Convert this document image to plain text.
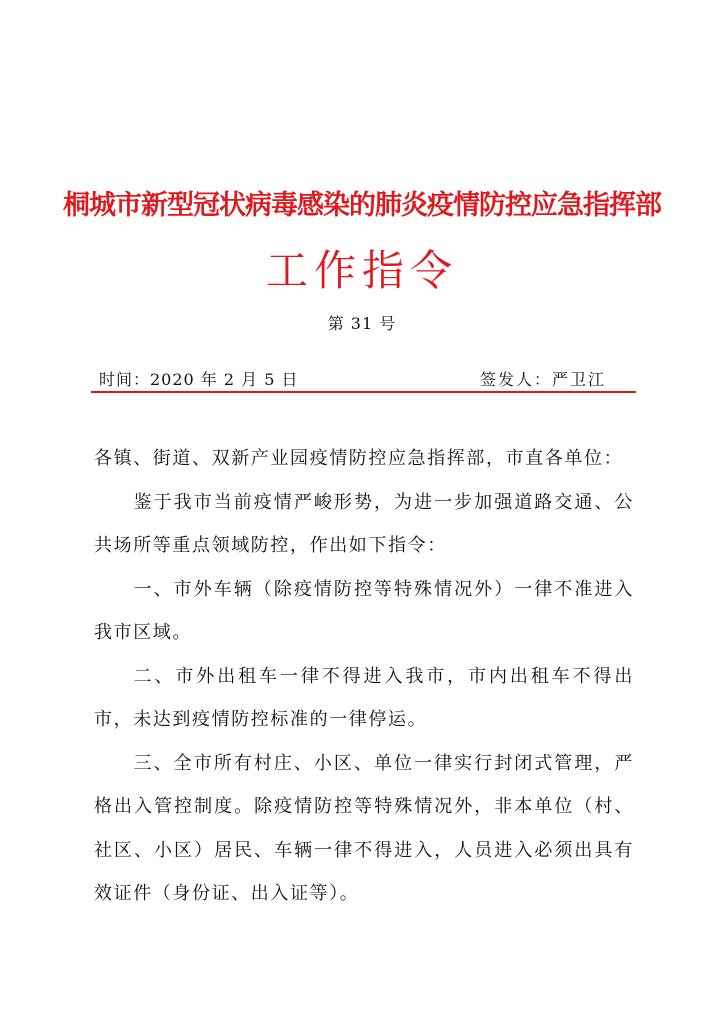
桐城市新型冠状病毒感染的肺炎疫情防控应急指挥部
工作指令
第 31 号
时间：2020 年 2 月 5 日	签发人：严卫江

各镇、街道、双新产业园疫情防控应急指挥部，市直各单位：

鉴于我市当前疫情严峻形势，为进一步加强道路交通、公共场所等重点领域防控，作出如下指令：

一、市外车辆（除疫情防控等特殊情况外）一律不准进入我市区域。

二、市外出租车一律不得进入我市，市内出租车不得出市，未达到疫情防控标准的一律停运。

三、全市所有村庄、小区、单位一律实行封闭式管理，严格出入管控制度。除疫情防控等特殊情况外，非本单位（村、社区、小区）居民、车辆一律不得进入，人员进入必须出具有效证件（身份证、出入证等）。
